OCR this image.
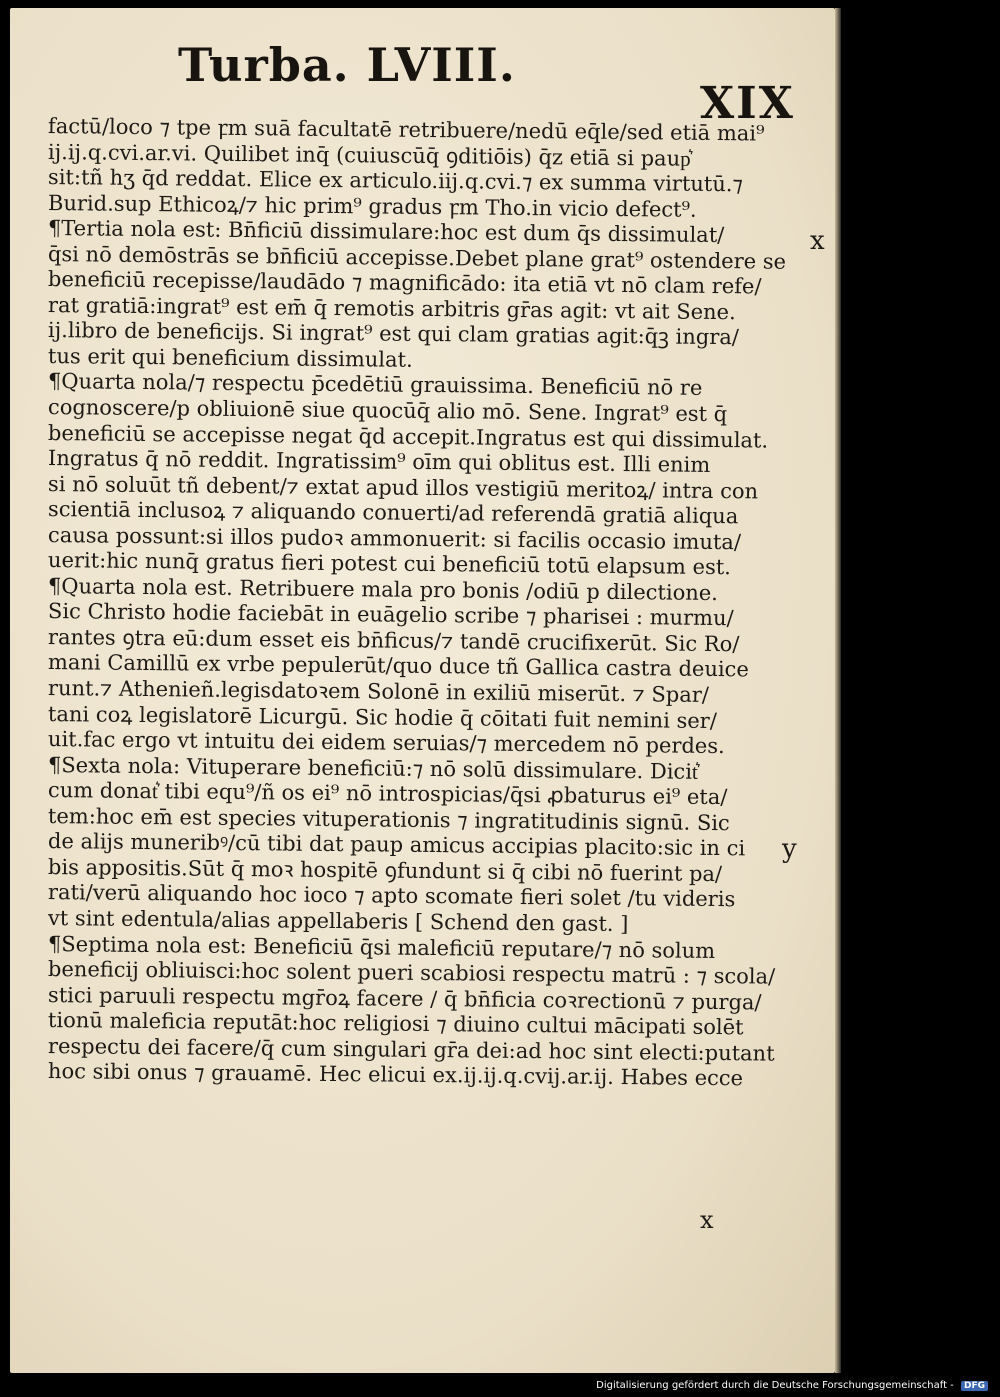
Turba. LVIII.
XIX
factū/loco ⁊ tpe ꝼm suā facultatē retribuere/nedū eq̄le/sed etiā mai⁹
ij.ij.q.cvi.ar.vi. Quilibet inq̄ (cuiuscūq̄ ꝯditiōis) q̄z etiā si paup͛
sit:tñ hʒ q̄d reddat. Elice ex articulo.iij.q.cvi.⁊ ex summa virtutū.⁊
Burid.sup Ethicoꝝ/⁊ hic prim⁹ gradus ꝼm Tho.in vicio defect⁹.
¶Tertia nola est: Bn̄ficiū dissimulare:hoc est dum q̄s dissimulat/
q̄si nō demōstrās se bn̄ficiū accepisse.Debet plane grat⁹ ostendere se
beneficiū recepisse/laudādo ⁊ magnificādo: ita etiā vt nō clam refe/
rat gratiā:ingrat⁹ est em̄ q̄ remotis arbitris gr̄as agit: vt ait Sene.
ij.libro de beneficijs. Si ingrat⁹ est qui clam gratias agit:q̄ꝫ ingra/
tus erit qui beneficium dissimulat.
¶Quarta nola/⁊ respectu p̄cedētiū grauissima. Beneficiū nō re
cognoscere/p obliuionē siue quocūq̄ alio mō. Sene. Ingrat⁹ est q̄
beneficiū se accepisse negat q̄d accepit.Ingratus est qui dissimulat.
Ingratus q̄ nō reddit. Ingratissim⁹ oīm qui oblitus est. Illi enim
si nō soluūt tñ debent/⁊ extat apud illos vestigiū meritoꝝ/ intra con
scientiā inclusoꝝ ⁊ aliquando conuerti/ad referendā gratiā aliqua
causa possunt:si illos pudoꝛ ammonuerit: si facilis occasio imuta/
uerit:hic nunq̄ gratus fieri potest cui beneficiū totū elapsum est.
¶Quarta nola est. Retribuere mala pro bonis /odiū p dilectione.
Sic Christo hodie faciebāt in euāgelio scribe ⁊ pharisei : murmu/
rantes ꝯtra eū:dum esset eis bn̄ficus/⁊ tandē crucifixerūt. Sic Ro/
mani Camillū ex vrbe pepulerūt/quo duce tñ Gallica castra deuice
runt.⁊ Athenieñ.legisdatoꝛem Solonē in exiliū miserūt. ⁊ Spar/
tani coꝝ legislatorē Licurgū. Sic hodie q̄ cōitati fuit nemini ser/
uit.fac ergo vt intuitu dei eidem seruias/⁊ mercedem nō perdes.
¶Sexta nola: Vituperare beneficiū:⁊ nō solū dissimulare. Dicit͛
cum donat͛ tibi equ⁹/ñ os ei⁹ nō introspicias/q̄si ꝓbaturus ei⁹ eta/
tem:hoc em̄ est species vituperationis ⁊ ingratitudinis signū. Sic
de alijs muneribꝰ/cū tibi dat paup amicus accipias placito:sic in ci
bis appositis.Sūt q̄ moꝛ hospitē ꝯfundunt si q̄ cibi nō fuerint pa/
rati/verū aliquando hoc ioco ⁊ apto scomate fieri solet /tu videris
vt sint edentula/alias appellaberis [ Schend den gast. ]
¶Septima nola est: Beneficiū q̄si maleficiū reputare/⁊ nō solum
beneficij obliuisci:hoc solent pueri scabiosi respectu matrū : ⁊ scola/
stici paruuli respectu mgr̄oꝝ facere / q̄ bn̄ficia coꝛrectionū ⁊ purga/
tionū maleficia reputāt:hoc religiosi ⁊ diuino cultui mācipati solēt
respectu dei facere/q̄ cum singulari gr̄a dei:ad hoc sint electi:putant
hoc sibi onus ⁊ grauamē. Hec elicui ex.ij.ij.q.cvij.ar.ij. Habes ecce
x
y
x
Digitalisierung gefördert durch die Deutsche Forschungsgemeinschaft - DFG
